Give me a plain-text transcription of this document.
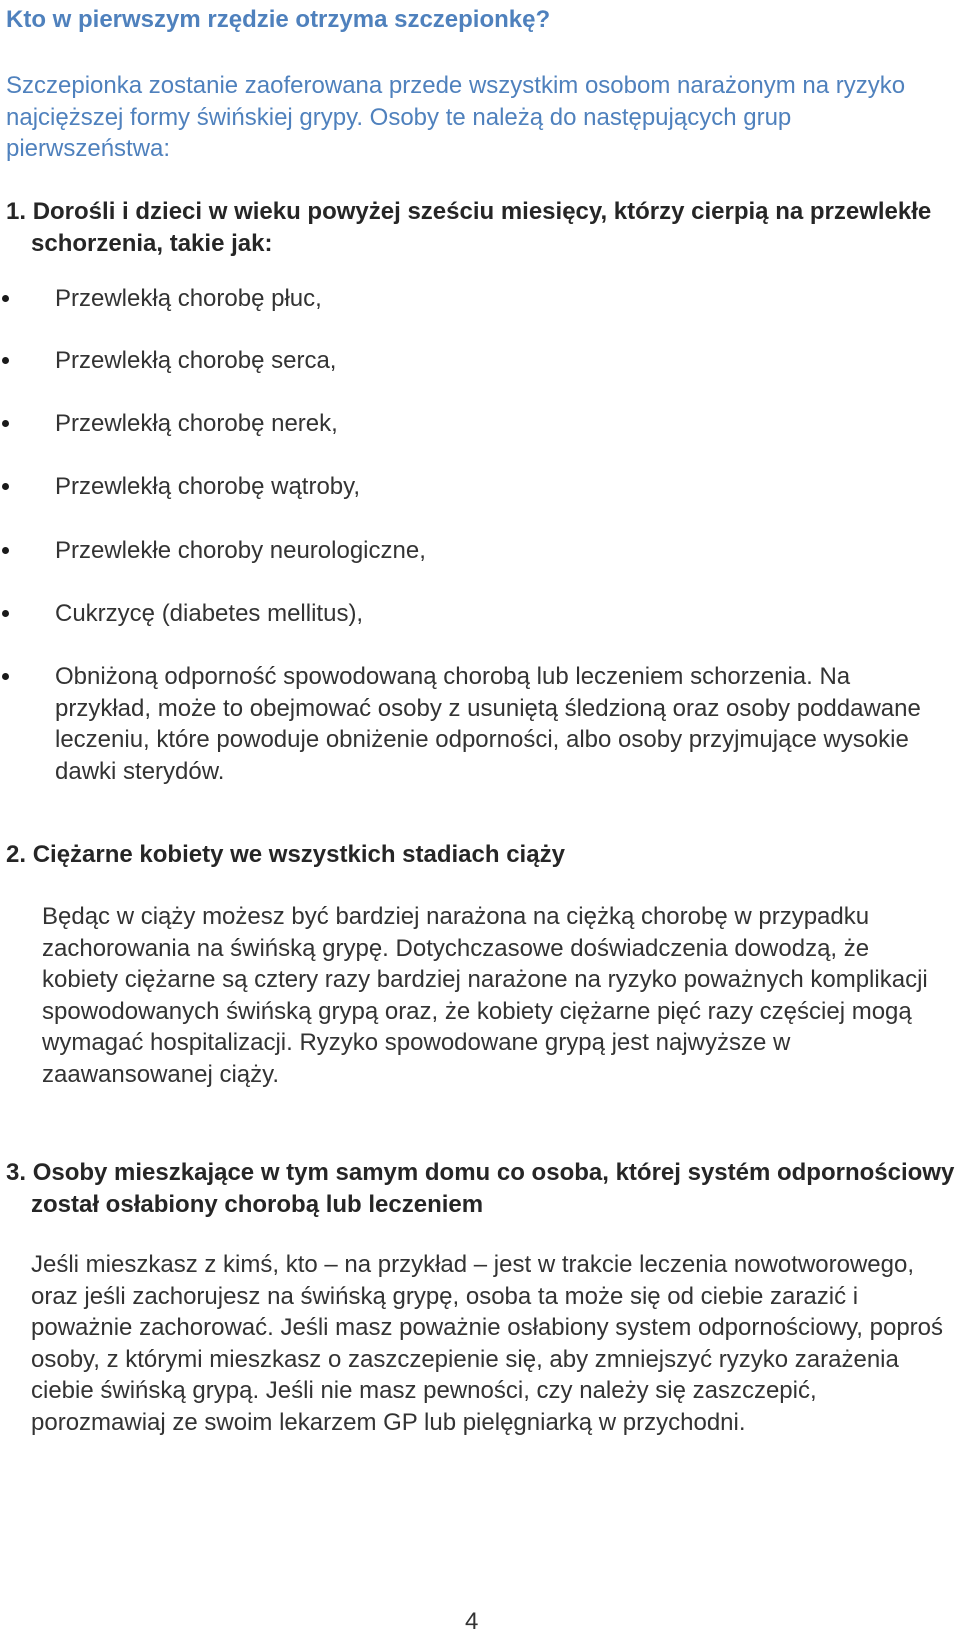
Kto w pierwszym rzędzie otrzyma szczepionkę?

Szczepionka zostanie zaoferowana przede wszystkim osobom narażonym na ryzyko najcięższej formy świńskiej grypy. Osoby te należą do następujących grup pierwszeństwa:

1. Dorośli i dzieci w wieku powyżej sześciu miesięcy, którzy cierpią na przewlekłe schorzenia, takie jak:

Przewlekłą chorobę płuc,

Przewlekłą chorobę serca,

Przewlekłą chorobę nerek,

Przewlekłą chorobę wątroby,

Przewlekłe choroby neurologiczne,

Cukrzycę (diabetes mellitus),

Obniżoną odporność spowodowaną chorobą lub leczeniem schorzenia. Na przykład, może to obejmować osoby z usuniętą śledzioną oraz osoby poddawane leczeniu, które powoduje obniżenie odporności, albo osoby przyjmujące wysokie dawki sterydów.

2. Ciężarne kobiety we wszystkich stadiach ciąży

Będąc w ciąży możesz być bardziej narażona na ciężką chorobę w przypadku zachorowania na świńską grypę. Dotychczasowe doświadczenia dowodzą, że kobiety ciężarne są cztery razy bardziej narażone na ryzyko poważnych komplikacji spowodowanych świńską grypą oraz, że kobiety ciężarne pięć razy częściej mogą wymagać hospitalizacji. Ryzyko spowodowane grypą jest najwyższe w zaawansowanej ciąży.

3. Osoby mieszkające w tym samym domu co osoba, której systém odpornościowy został osłabiony chorobą lub leczeniem

Jeśli mieszkasz z kimś, kto – na przykład – jest w trakcie leczenia nowotworowego, oraz jeśli zachorujesz na świńską grypę, osoba ta może się od ciebie zarazić i poważnie zachorować. Jeśli masz poważnie osłabiony system odpornościowy, poproś osoby, z którymi mieszkasz o zaszczepienie się, aby zmniejszyć ryzyko zarażenia ciebie świńską grypą. Jeśli nie masz pewności, czy należy się zaszczepić, porozmawiaj ze swoim lekarzem GP lub pielęgniarką w przychodni.

4
